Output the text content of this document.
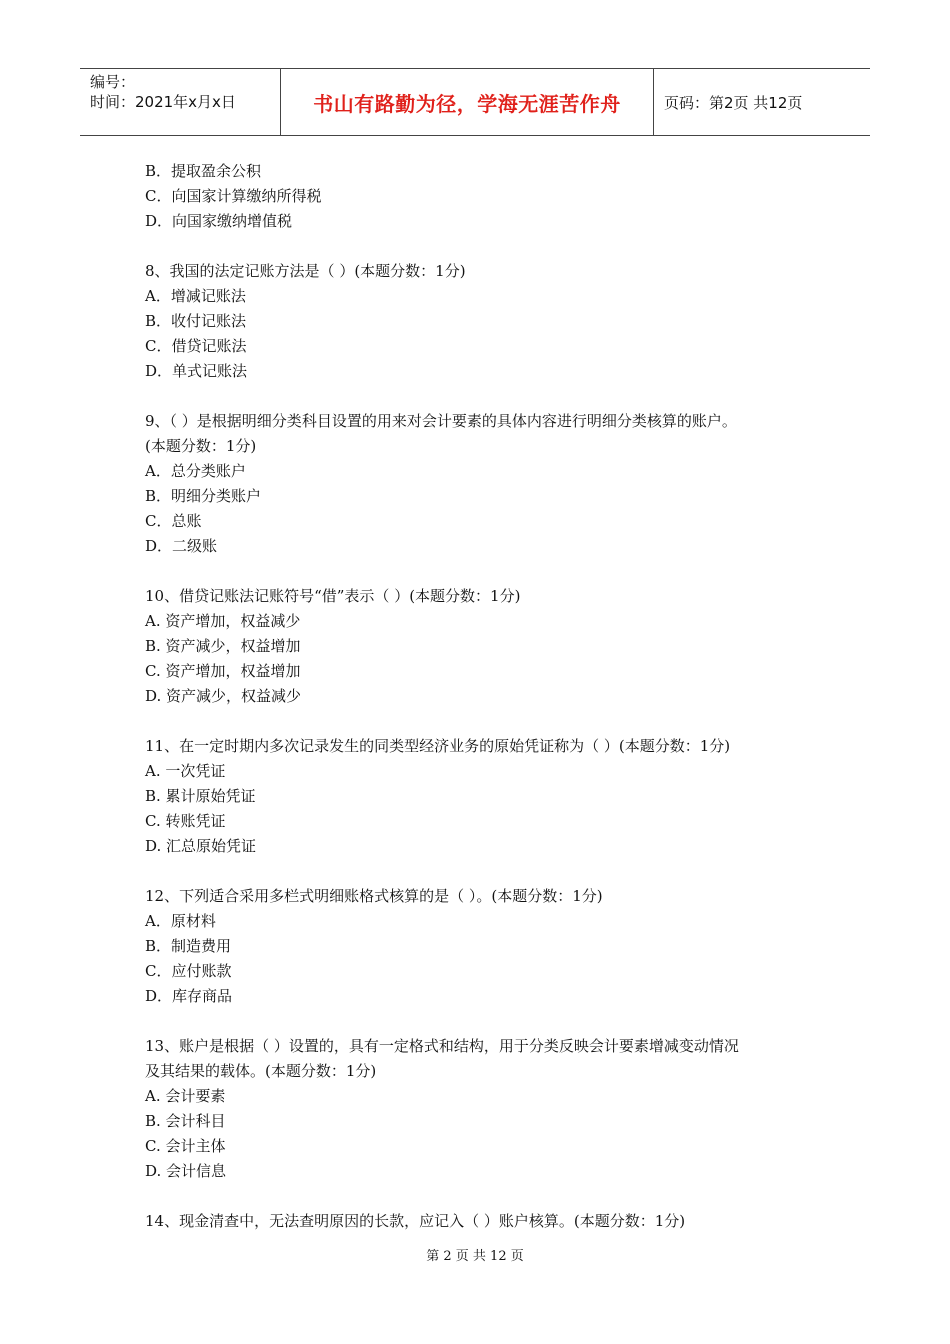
编号：
时间：2021年x月x日	书山有路勤为径，学海无涯苦作舟	页码：第2页 共12页
B．提取盈余公积
C．向国家计算缴纳所得税
D．向国家缴纳增值税
8、我国的法定记账方法是（ ）(本题分数：1分)
A．增减记账法
B．收付记账法
C．借贷记账法
D．单式记账法
9、（ ）是根据明细分类科目设置的用来对会计要素的具体内容进行明细分类核算的账户。
(本题分数：1分)
A．总分类账户
B．明细分类账户
C．总账
D．二级账
10、借贷记账法记账符号“借”表示（ ）(本题分数：1分)
A. 资产增加，权益减少
B. 资产减少，权益增加
C. 资产增加，权益增加
D. 资产减少，权益减少
11、在一定时期内多次记录发生的同类型经济业务的原始凭证称为（ ）(本题分数：1分)
A. 一次凭证
B. 累计原始凭证
C. 转账凭证
D. 汇总原始凭证
12、下列适合采用多栏式明细账格式核算的是（ ）。(本题分数：1分)
A．原材料
B．制造费用
C．应付账款
D．库存商品
13、账户是根据（ ）设置的，具有一定格式和结构，用于分类反映会计要素增减变动情况
及其结果的载体。(本题分数：1分)
A. 会计要素
B. 会计科目
C. 会计主体
D. 会计信息
14、现金清查中，无法查明原因的长款，应记入（ ）账户核算。(本题分数：1分)
第 2 页 共 12 页
